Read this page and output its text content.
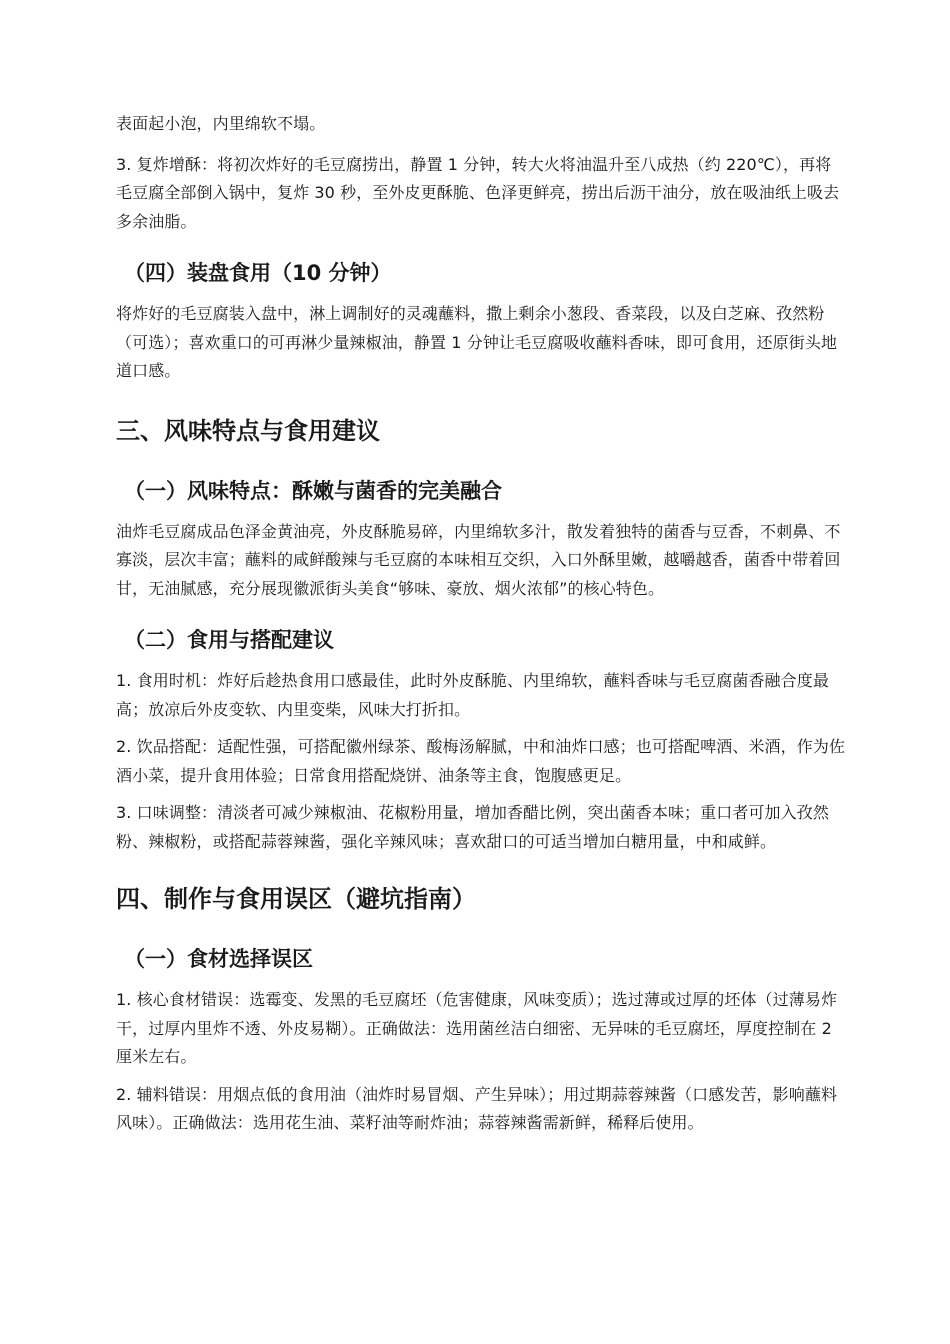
表面起小泡，内里绵软不塌。

3. 复炸增酥：将初次炸好的毛豆腐捞出，静置 1 分钟，转大火将油温升至八成热（约 220℃），再将毛豆腐全部倒入锅中，复炸 30 秒，至外皮更酥脆、色泽更鲜亮，捞出后沥干油分，放在吸油纸上吸去多余油脂。

（四）装盘食用（10 分钟）

将炸好的毛豆腐装入盘中，淋上调制好的灵魂蘸料，撒上剩余小葱段、香菜段，以及白芝麻、孜然粉（可选）；喜欢重口的可再淋少量辣椒油，静置 1 分钟让毛豆腐吸收蘸料香味，即可食用，还原街头地道口感。

三、风味特点与食用建议
（一）风味特点：酥嫩与菌香的完美融合

油炸毛豆腐成品色泽金黄油亮，外皮酥脆易碎，内里绵软多汁，散发着独特的菌香与豆香，不刺鼻、不寡淡，层次丰富；蘸料的咸鲜酸辣与毛豆腐的本味相互交织，入口外酥里嫩，越嚼越香，菌香中带着回甘，无油腻感，充分展现徽派街头美食“够味、豪放、烟火浓郁”的核心特色。

（二）食用与搭配建议

1. 食用时机：炸好后趁热食用口感最佳，此时外皮酥脆、内里绵软，蘸料香味与毛豆腐菌香融合度最高；放凉后外皮变软、内里变柴，风味大打折扣。

2. 饮品搭配：适配性强，可搭配徽州绿茶、酸梅汤解腻，中和油炸口感；也可搭配啤酒、米酒，作为佐酒小菜，提升食用体验；日常食用搭配烧饼、油条等主食，饱腹感更足。

3. 口味调整：清淡者可减少辣椒油、花椒粉用量，增加香醋比例，突出菌香本味；重口者可加入孜然粉、辣椒粉，或搭配蒜蓉辣酱，强化辛辣风味；喜欢甜口的可适当增加白糖用量，中和咸鲜。

四、制作与食用误区（避坑指南）
（一）食材选择误区

1. 核心食材错误：选霉变、发黑的毛豆腐坯（危害健康，风味变质）；选过薄或过厚的坯体（过薄易炸干，过厚内里炸不透、外皮易糊）。正确做法：选用菌丝洁白细密、无异味的毛豆腐坯，厚度控制在 2 厘米左右。

2. 辅料错误：用烟点低的食用油（油炸时易冒烟、产生异味）；用过期蒜蓉辣酱（口感发苦，影响蘸料风味）。正确做法：选用花生油、菜籽油等耐炸油；蒜蓉辣酱需新鲜，稀释后使用。
